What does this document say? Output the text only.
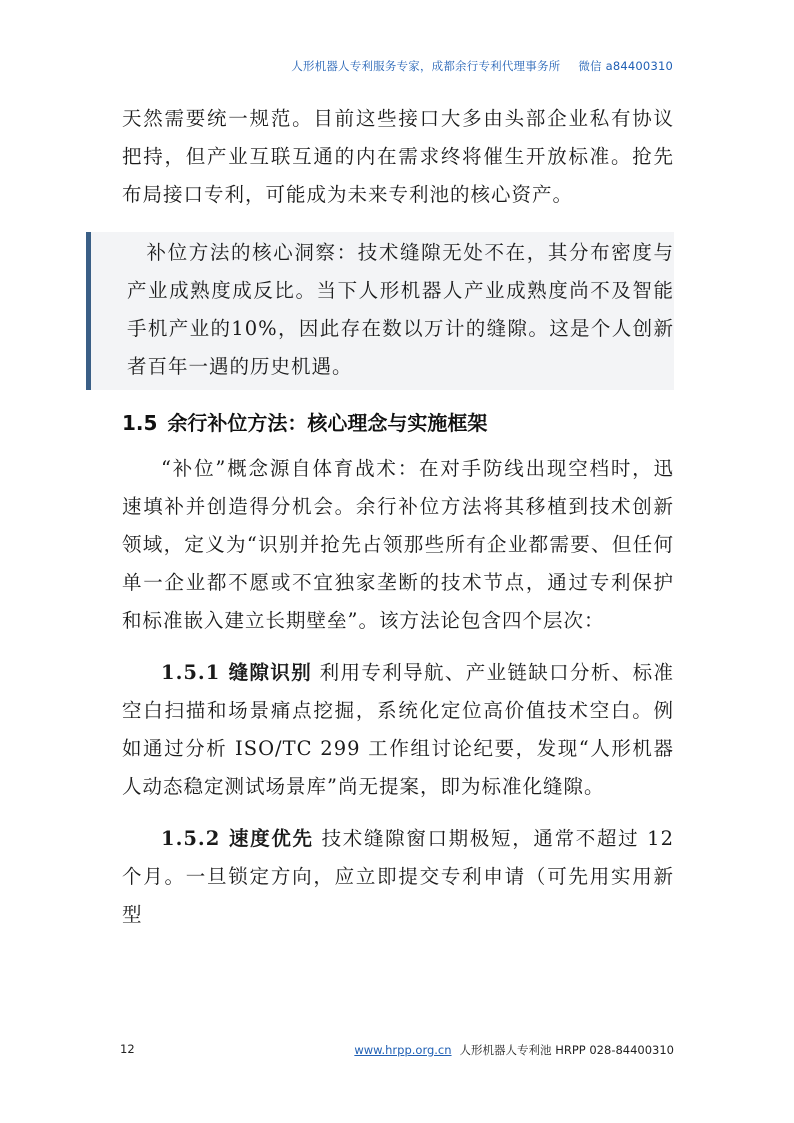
人形机器人专利服务专家，成都余行专利代理事务所 微信 a84400310

天然需要统一规范。目前这些接口大多由头部企业私有协议把持，但产业互联互通的内在需求终将催生开放标准。抢先布局接口专利，可能成为未来专利池的核心资产。

补位方法的核心洞察：技术缝隙无处不在，其分布密度与产业成熟度成反比。当下人形机器人产业成熟度尚不及智能手机产业的10%，因此存在数以万计的缝隙。这是个人创新者百年一遇的历史机遇。

1.5 余行补位方法：核心理念与实施框架

“补位”概念源自体育战术：在对手防线出现空档时，迅速填补并创造得分机会。余行补位方法将其移植到技术创新领域，定义为“识别并抢先占领那些所有企业都需要、但任何单一企业都不愿或不宜独家垄断的技术节点，通过专利保护和标准嵌入建立长期壁垒”。该方法论包含四个层次：

1.5.1 缝隙识别 利用专利导航、产业链缺口分析、标准空白扫描和场景痛点挖掘，系统化定位高价值技术空白。例如通过分析 ISO/TC 299 工作组讨论纪要，发现“人形机器人动态稳定测试场景库”尚无提案，即为标准化缝隙。

1.5.2 速度优先 技术缝隙窗口期极短，通常不超过 12 个月。一旦锁定方向，应立即提交专利申请（可先用实用新型

12	www.hrpp.org.cn 人形机器人专利池 HRPP 028-84400310
